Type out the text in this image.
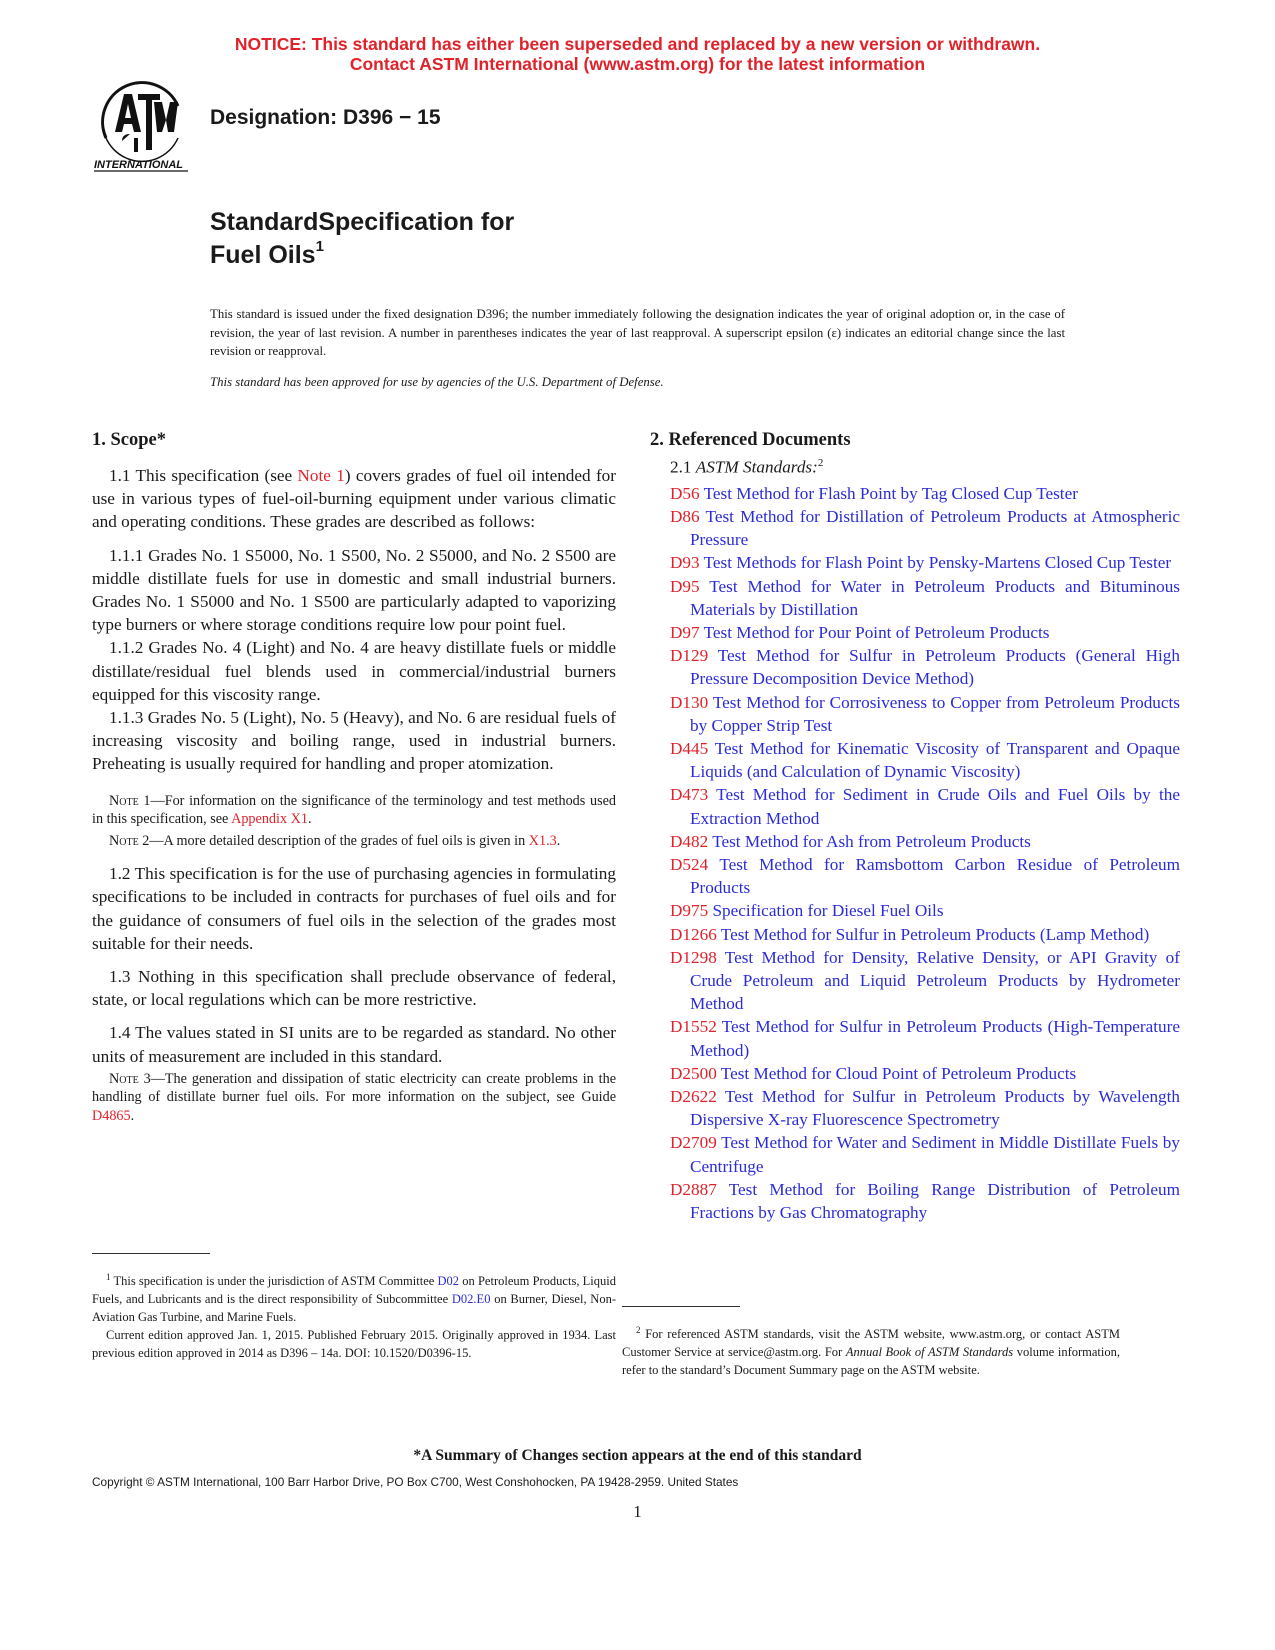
NOTICE: This standard has either been superseded and replaced by a new version or withdrawn.
Contact ASTM International (www.astm.org) for the latest information
INTERNATIONAL
Designation: D396 − 15
StandardSpecification for
Fuel Oils$^1$
This standard is issued under the fixed designation D396; the number immediately following the designation indicates the year of original adoption or, in the case of revision, the year of last revision. A number in parentheses indicates the year of last reapproval. A superscript epsilon (ε) indicates an editorial change since the last revision or reapproval.
This standard has been approved for use by agencies of the U.S. Department of Defense.
1. Scope*

1.1 This specification (see Note 1) covers grades of fuel oil intended for use in various types of fuel-oil-burning equipment under various climatic and operating conditions. These grades are described as follows:

1.1.1 Grades No. 1 S5000, No. 1 S500, No. 2 S5000, and No. 2 S500 are middle distillate fuels for use in domestic and small industrial burners. Grades No. 1 S5000 and No. 1 S500 are particularly adapted to vaporizing type burners or where storage conditions require low pour point fuel.

1.1.2 Grades No. 4 (Light) and No. 4 are heavy distillate fuels or middle distillate/residual fuel blends used in commercial/industrial burners equipped for this viscosity range.

1.1.3 Grades No. 5 (Light), No. 5 (Heavy), and No. 6 are residual fuels of increasing viscosity and boiling range, used in industrial burners. Preheating is usually required for handling and proper atomization.

Note 1—For information on the significance of the terminology and test methods used in this specification, see Appendix X1.

Note 2—A more detailed description of the grades of fuel oils is given in X1.3.

1.2 This specification is for the use of purchasing agencies in formulating specifications to be included in contracts for purchases of fuel oils and for the guidance of consumers of fuel oils in the selection of the grades most suitable for their needs.

1.3 Nothing in this specification shall preclude observance of federal, state, or local regulations which can be more restrictive.

1.4 The values stated in SI units are to be regarded as standard. No other units of measurement are included in this standard.

Note 3—The generation and dissipation of static electricity can create problems in the handling of distillate burner fuel oils. For more information on the subject, see Guide D4865.

2. Referenced Documents
2.1 ASTM Standards:$^2$

D56 Test Method for Flash Point by Tag Closed Cup Tester

D86 Test Method for Distillation of Petroleum Products at Atmospheric Pressure

D93 Test Methods for Flash Point by Pensky-Martens Closed Cup Tester

D95 Test Method for Water in Petroleum Products and Bituminous Materials by Distillation

D97 Test Method for Pour Point of Petroleum Products

D129 Test Method for Sulfur in Petroleum Products (General High Pressure Decomposition Device Method)

D130 Test Method for Corrosiveness to Copper from Petroleum Products by Copper Strip Test

D445 Test Method for Kinematic Viscosity of Transparent and Opaque Liquids (and Calculation of Dynamic Viscosity)

D473 Test Method for Sediment in Crude Oils and Fuel Oils by the Extraction Method

D482 Test Method for Ash from Petroleum Products

D524 Test Method for Ramsbottom Carbon Residue of Petroleum Products

D975 Specification for Diesel Fuel Oils

D1266 Test Method for Sulfur in Petroleum Products (Lamp Method)

D1298 Test Method for Density, Relative Density, or API Gravity of Crude Petroleum and Liquid Petroleum Products by Hydrometer Method

D1552 Test Method for Sulfur in Petroleum Products (High-Temperature Method)

D2500 Test Method for Cloud Point of Petroleum Products

D2622 Test Method for Sulfur in Petroleum Products by Wavelength Dispersive X-ray Fluorescence Spectrometry

D2709 Test Method for Water and Sediment in Middle Distillate Fuels by Centrifuge

D2887 Test Method for Boiling Range Distribution of Petroleum Fractions by Gas Chromatography

$^1$ This specification is under the jurisdiction of ASTM Committee D02 on Petroleum Products, Liquid Fuels, and Lubricants and is the direct responsibility of Subcommittee D02.E0 on Burner, Diesel, Non-Aviation Gas Turbine, and Marine Fuels.

Current edition approved Jan. 1, 2015. Published February 2015. Originally approved in 1934. Last previous edition approved in 2014 as D396 – 14a. DOI: 10.1520/D0396-15.

$^2$ For referenced ASTM standards, visit the ASTM website, www.astm.org, or contact ASTM Customer Service at service@astm.org. For Annual Book of ASTM Standards volume information, refer to the standard’s Document Summary page on the ASTM website.

*A Summary of Changes section appears at the end of this standard
Copyright © ASTM International, 100 Barr Harbor Drive, PO Box C700, West Conshohocken, PA 19428-2959. United States
1
